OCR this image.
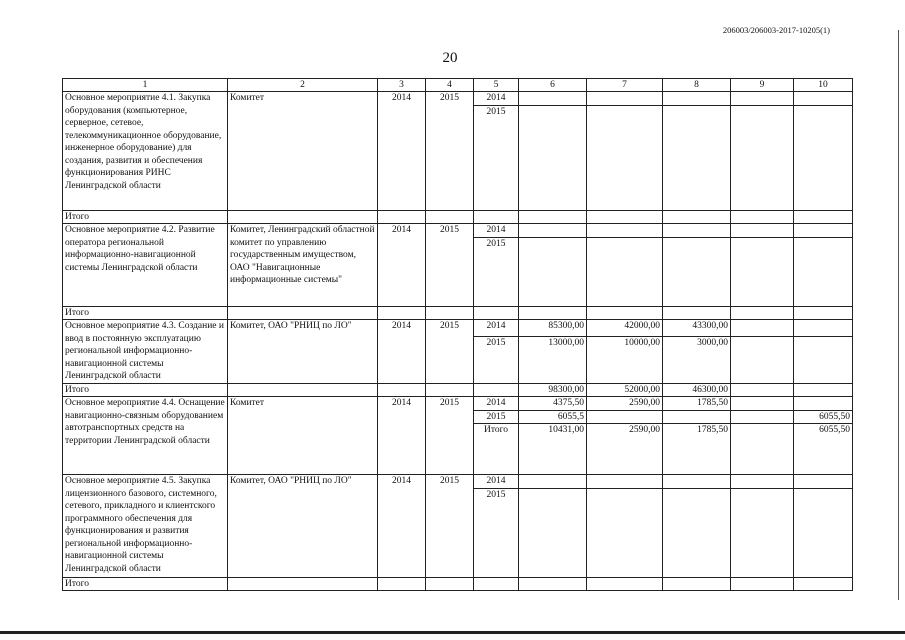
206003/206003-2017-10205(1)
20
1	2	3	4	5	6	7	8	9	10
Основное мероприятие 4.1. Закупка оборудования (компьютерное, серверное, сетевое, телекоммуникационное оборудование, инженерное оборудование) для создания, развития и обеспечения функционирования РИНС Ленинградской области	Комитет	2014	2015	2014					
				2015					
Итого									
Основное мероприятие 4.2. Развитие оператора региональной информационно-навигационной системы Ленинградской области	Комитет, Ленинградский областной комитет по управлению государственным имуществом, ОАО "Навигационные информационные системы"	2014	2015	2014					
				2015					
Итого									
Основное мероприятие 4.3. Создание и ввод в постоянную эксплуатацию региональной информационно-навигационной системы Ленинградской области	Комитет, ОАО "РНИЦ по ЛО"	2014	2015	2014	85300,00	42000,00	43300,00		
				2015	13000,00	10000,00	3000,00		
Итого					98300,00	52000,00	46300,00		
Основное мероприятие 4.4. Оснащение навигационно-связным оборудованием автотранспортных средств на территории Ленинградской области	Комитет	2014	2015	2014	4375,50	2590,00	1785,50		
				2015	6055,5				6055,50
				Итого	10431,00	2590,00	1785,50		6055,50
Основное мероприятие 4.5. Закупка лицензионного базового, системного, сетевого, прикладного и клиентского программного обеспечения для функционирования и развития региональной информационно-навигационной системы Ленинградской области	Комитет, ОАО "РНИЦ по ЛО"	2014	2015	2014					
				2015					
Итого									
